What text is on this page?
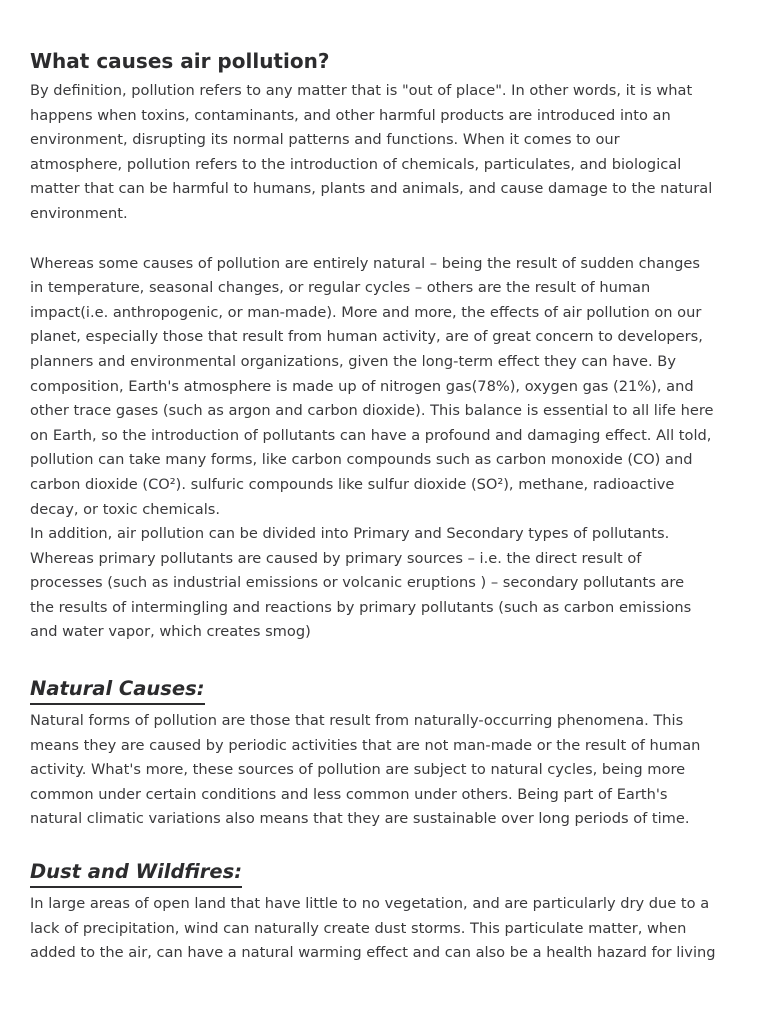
What causes air pollution?

By definition, pollution refers to any matter that is "out of place". In other words, it is what
happens when toxins, contaminants, and other harmful products are introduced into an
environment, disrupting its normal patterns and functions. When it comes to our
atmosphere, pollution refers to the introduction of chemicals, particulates, and biological
matter that can be harmful to humans, plants and animals, and cause damage to the natural
environment.

Whereas some causes of pollution are entirely natural – being the result of sudden changes
in temperature, seasonal changes, or regular cycles – others are the result of human
impact(i.e. anthropogenic, or man-made). More and more, the effects of air pollution on our
planet, especially those that result from human activity, are of great concern to developers,
planners and environmental organizations, given the long-term effect they can have. By
composition, Earth's atmosphere is made up of nitrogen gas(78%), oxygen gas (21%), and
other trace gases (such as argon and carbon dioxide). This balance is essential to all life here
on Earth, so the introduction of pollutants can have a profound and damaging effect. All told,
pollution can take many forms, like carbon compounds such as carbon monoxide (CO) and
carbon dioxide (CO²). sulfuric compounds like sulfur dioxide (SO²), methane, radioactive
decay, or toxic chemicals.

In addition, air pollution can be divided into Primary and Secondary types of pollutants.
Whereas primary pollutants are caused by primary sources – i.e. the direct result of
processes (such as industrial emissions or volcanic eruptions ) – secondary pollutants are
the results of intermingling and reactions by primary pollutants (such as carbon emissions
and water vapor, which creates smog)

Natural Causes:

Natural forms of pollution are those that result from naturally-occurring phenomena. This
means they are caused by periodic activities that are not man-made or the result of human
activity. What's more, these sources of pollution are subject to natural cycles, being more
common under certain conditions and less common under others. Being part of Earth's
natural climatic variations also means that they are sustainable over long periods of time.

Dust and Wildfires:

In large areas of open land that have little to no vegetation, and are particularly dry due to a
lack of precipitation, wind can naturally create dust storms. This particulate matter, when
added to the air, can have a natural warming effect and can also be a health hazard for living
